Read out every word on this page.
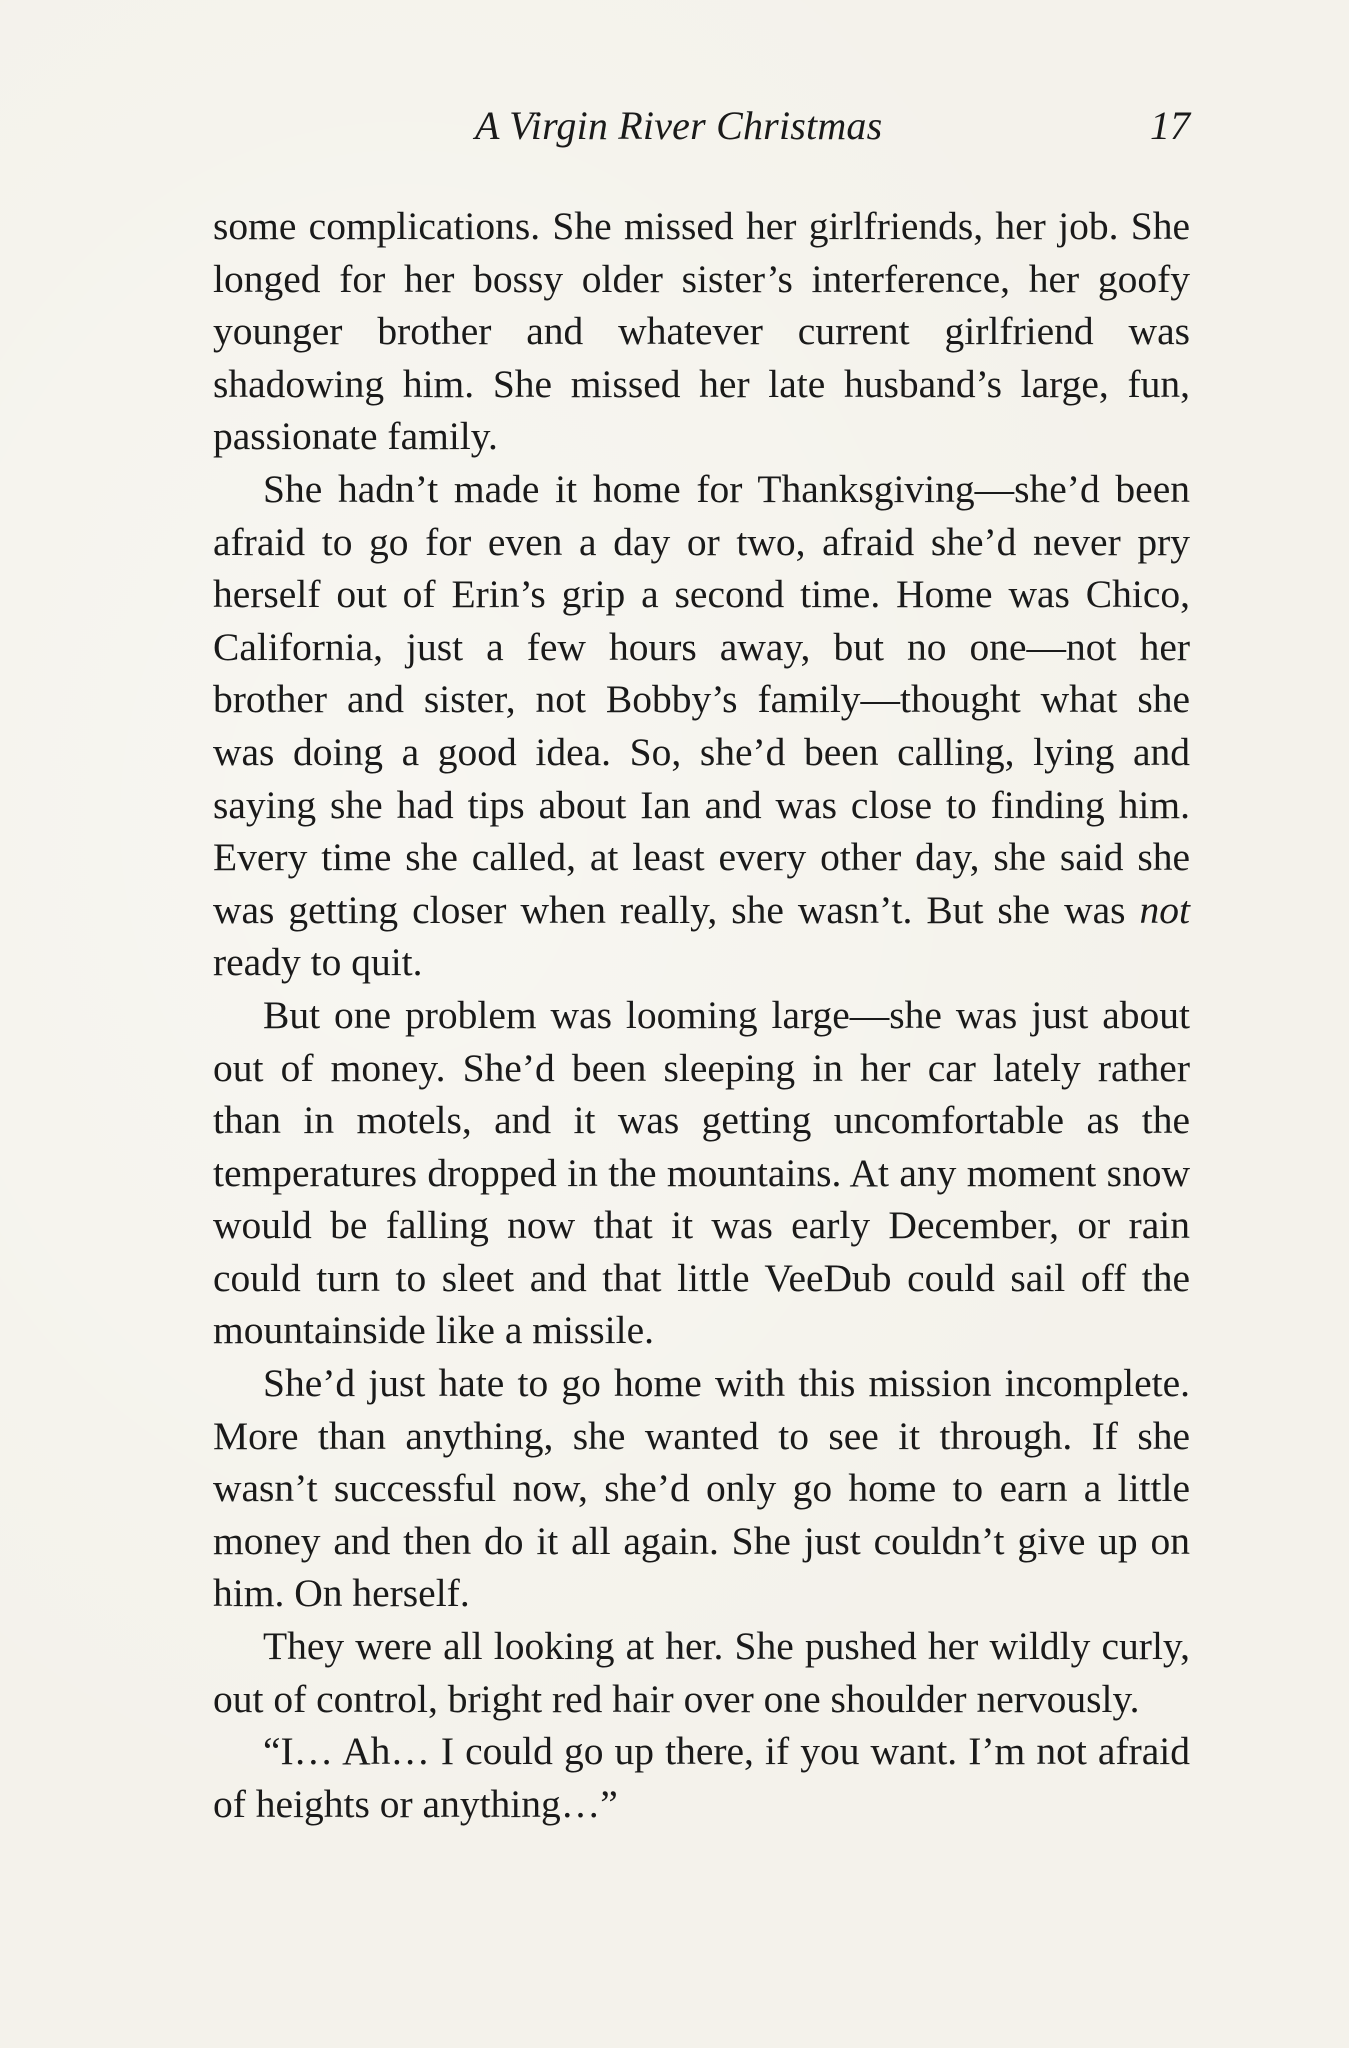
A Virgin River Christmas	17

some complications. She missed her girlfriends, her job. She longed for her bossy older sister’s interference, her goofy younger brother and whatever current girlfriend was shadowing him. She missed her late husband’s large, fun, passionate family.

She hadn’t made it home for Thanksgiving—she’d been afraid to go for even a day or two, afraid she’d never pry herself out of Erin’s grip a second time. Home was Chico, California, just a few hours away, but no one—not her brother and sister, not Bobby’s family—thought what she was doing a good idea. So, she’d been calling, lying and saying she had tips about Ian and was close to finding him. Every time she called, at least every other day, she said she was getting closer when really, she wasn’t. But she was not ready to quit.

But one problem was looming large—she was just about out of money. She’d been sleeping in her car lately rather than in motels, and it was getting uncomfortable as the temperatures dropped in the mountains. At any moment snow would be falling now that it was early December, or rain could turn to sleet and that little VeeDub could sail off the mountainside like a missile.

She’d just hate to go home with this mission incomplete. More than anything, she wanted to see it through. If she wasn’t successful now, she’d only go home to earn a little money and then do it all again. She just couldn’t give up on him. On herself.

They were all looking at her. She pushed her wildly curly, out of control, bright red hair over one shoulder nervously.

“I… Ah… I could go up there, if you want. I’m not afraid of heights or anything…”
